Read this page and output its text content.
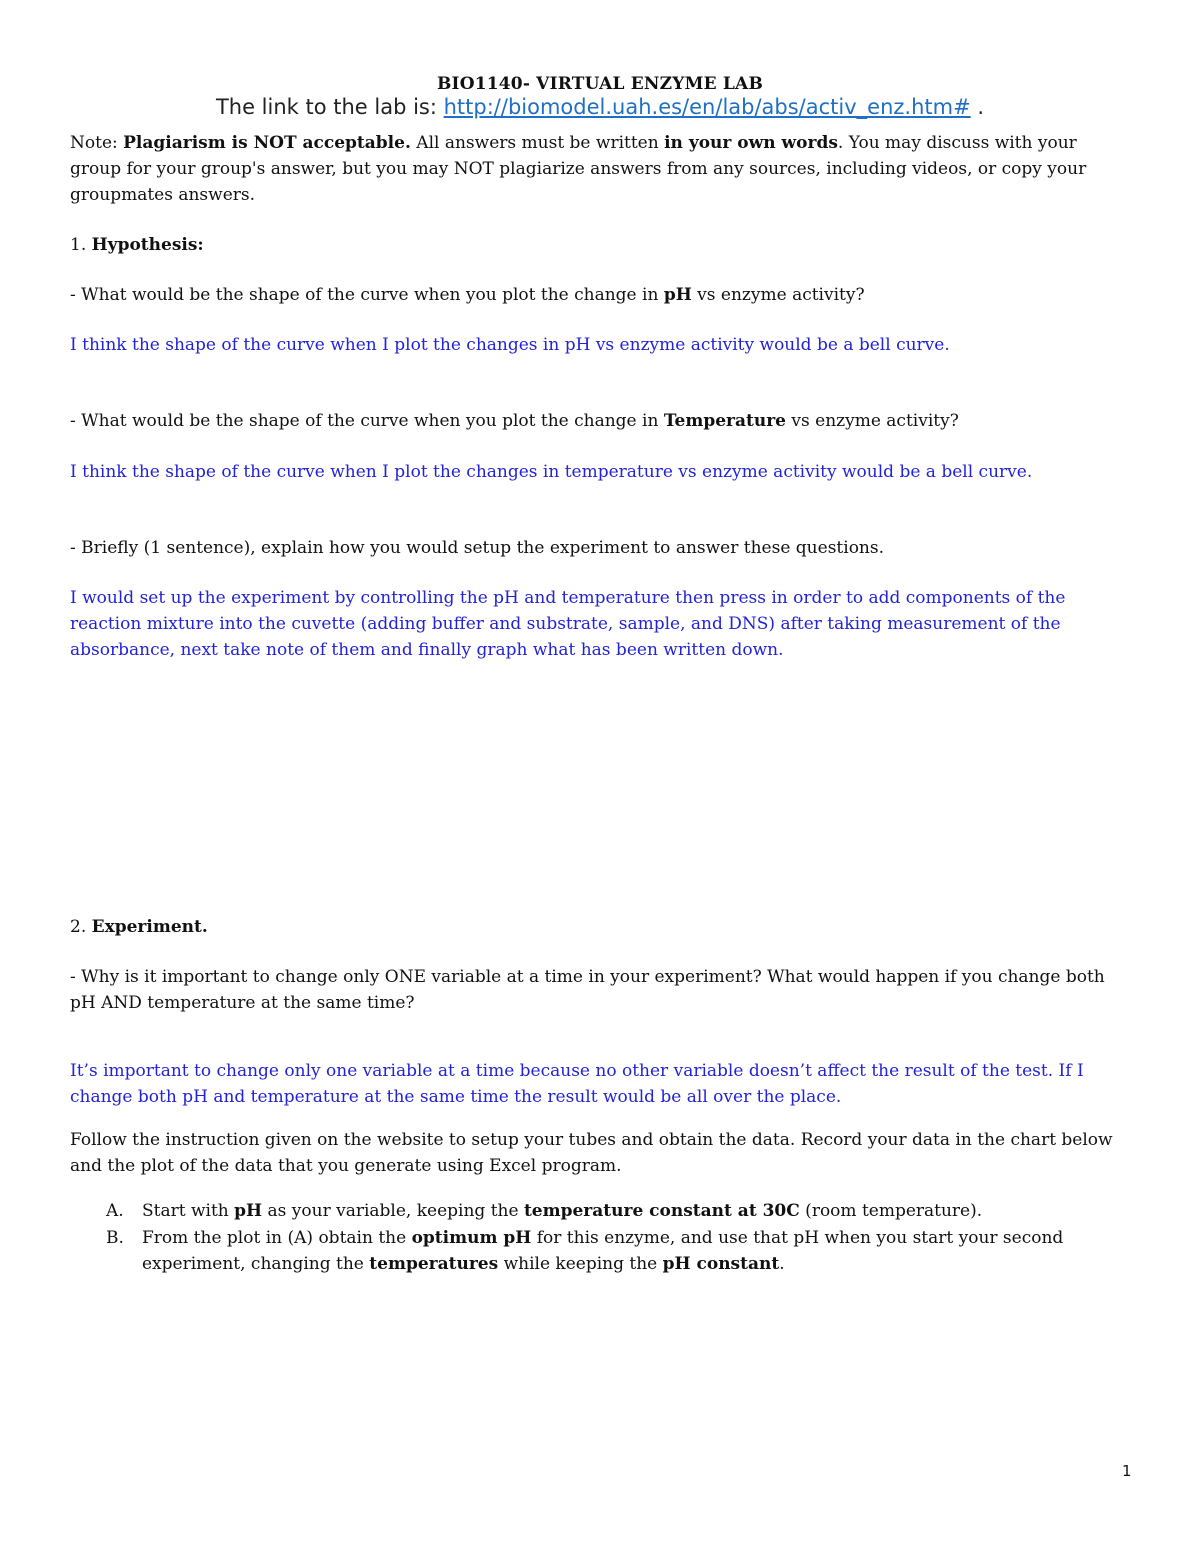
BIO1140- VIRTUAL ENZYME LAB
The link to the lab is: http://biomodel.uah.es/en/lab/abs/activ_enz.htm# .
Note: Plagiarism is NOT acceptable. All answers must be written in your own words. You may discuss with your group for your group's answer, but you may NOT plagiarize answers from any sources, including videos, or copy your groupmates answers.
1. Hypothesis:
- What would be the shape of the curve when you plot the change in pH vs enzyme activity?
I think the shape of the curve when I plot the changes in pH vs enzyme activity would be a bell curve.
- What would be the shape of the curve when you plot the change in Temperature vs enzyme activity?
I think the shape of the curve when I plot the changes in temperature vs enzyme activity would be a bell curve.
- Briefly (1 sentence), explain how you would setup the experiment to answer these questions.
I would set up the experiment by controlling the pH and temperature then press in order to add components of the reaction mixture into the cuvette (adding buffer and substrate, sample, and DNS) after taking measurement of the absorbance, next take note of them and finally graph what has been written down.
2. Experiment.
- Why is it important to change only ONE variable at a time in your experiment? What would happen if you change both pH AND temperature at the same time?
It’s important to change only one variable at a time because no other variable doesn’t affect the result of the test. If I change both pH and temperature at the same time the result would be all over the place.
Follow the instruction given on the website to setup your tubes and obtain the data. Record your data in the chart below and the plot of the data that you generate using Excel program.
A. Start with pH as your variable, keeping the temperature constant at 30C (room temperature).
B. From the plot in (A) obtain the optimum pH for this enzyme, and use that pH when you start your second experiment, changing the temperatures while keeping the pH constant.
1
